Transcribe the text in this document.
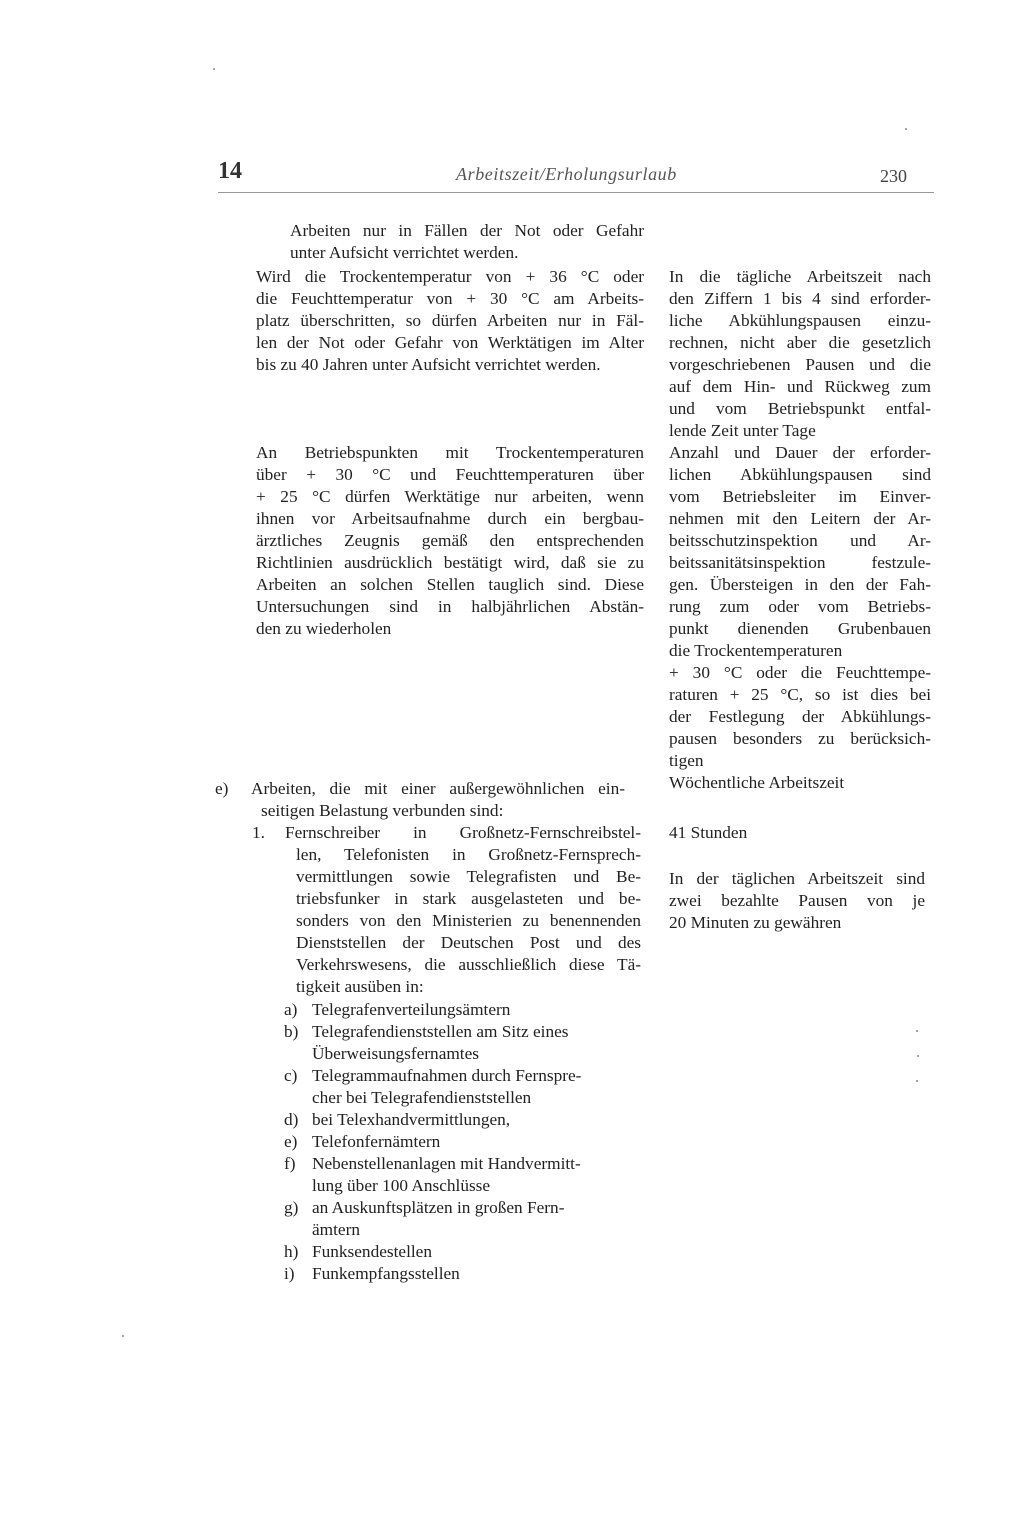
14	Arbeitszeit/Erholungsurlaub	230

Arbeiten nur in Fällen der Not oder Gefahr

unter Aufsicht verrichtet werden.

Wird die Trockentemperatur von + 36 °C oder

die Feuchttemperatur von + 30 °C am Arbeits-

platz überschritten, so dürfen Arbeiten nur in Fäl-

len der Not oder Gefahr von Werktätigen im Alter

bis zu 40 Jahren unter Aufsicht verrichtet werden.

An Betriebspunkten mit Trockentemperaturen

über + 30 °C und Feuchttemperaturen über

+ 25 °C dürfen Werktätige nur arbeiten, wenn

ihnen vor Arbeitsaufnahme durch ein bergbau-

ärztliches Zeugnis gemäß den entsprechenden

Richtlinien ausdrücklich bestätigt wird, daß sie zu

Arbeiten an solchen Stellen tauglich sind. Diese

Untersuchungen sind in halbjährlichen Abstän-

den zu wiederholen

e) Arbeiten, die mit einer außergewöhnlichen ein-

seitigen Belastung verbunden sind:

1. Fernschreiber in Großnetz-Fernschreibstel-

len, Telefonisten in Großnetz-Fernsprech-

vermittlungen sowie Telegrafisten und Be-

triebsfunker in stark ausgelasteten und be-

sonders von den Ministerien zu benennenden

Dienststellen der Deutschen Post und des

Verkehrswesens, die ausschließlich diese Tä-

tigkeit ausüben in:

a) Telegrafenverteilungsämtern

b) Telegrafendienststellen am Sitz eines

Überweisungsfernamtes

c) Telegrammaufnahmen durch Fernspre-

cher bei Telegrafendienststellen

d) bei Telexhandvermittlungen,

e) Telefonfernämtern

f) Nebenstellenanlagen mit Handvermitt-

lung über 100 Anschlüsse

g) an Auskunftsplätzen in großen Fern-

ämtern

h) Funksendestellen

i) Funkempfangsstellen

In die tägliche Arbeitszeit nach

den Ziffern 1 bis 4 sind erforder-

liche Abkühlungspausen einzu-

rechnen, nicht aber die gesetzlich

vorgeschriebenen Pausen und die

auf dem Hin- und Rückweg zum

und vom Betriebspunkt entfal-

lende Zeit unter Tage

Anzahl und Dauer der erforder-

lichen Abkühlungspausen sind

vom Betriebsleiter im Einver-

nehmen mit den Leitern der Ar-

beitsschutzinspektion und Ar-

beitssanitätsinspektion festzule-

gen. Übersteigen in den der Fah-

rung zum oder vom Betriebs-

punkt dienenden Grubenbauen

die Trockentemperaturen

+ 30 °C oder die Feuchttempe-

raturen + 25 °C, so ist dies bei

der Festlegung der Abkühlungs-

pausen besonders zu berücksich-

tigen

Wöchentliche Arbeitszeit

41 Stunden

In der täglichen Arbeitszeit sind

zwei bezahlte Pausen von je

20 Minuten zu gewähren
